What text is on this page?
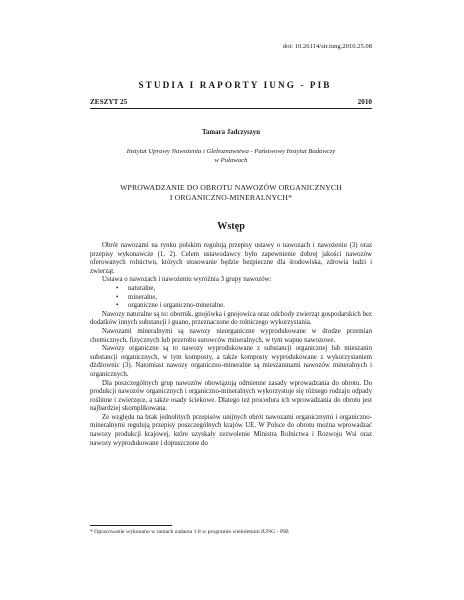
doi: 10.26114/sir.iung.2010.25.08
STUDIA I RAPORTY IUNG - PIB
ZESZYT 25	2010
Tamara Jadczyszyn
Instytut Uprawy Nawożenia i Gleboznawstwa - Państwowy Instytut Badawczy
w Puławach
WPROWADZANIE DO OBROTU NAWOZÓW ORGANICZNYCH
I ORGANICZNO-MINERALNYCH*
Wstęp

Obrót nawozami na rynku polskim regulują przepisy ustawy o nawozach i nawożeniu (3) oraz przepisy wykonawcze (1, 2). Celem ustawodawcy było zapewnienie dobrej jakości nawozów oferowanych rolnictwu, których stosowanie będzie bezpieczne dla środowiska, zdrowia ludzi i zwierząt.

Ustawa o nawozach i nawożeniu wyróżnia 3 grupy nawozów:

• naturalne,
• mineralne,
• organiczne i organiczno-mineralne.

Nawozy naturalne są to: obornik, gnojówka i gnojowica oraz odchody zwierząt gospodarskich bez dodatków innych substancji i guano, przeznaczone do rolniczego wykorzystania.

Nawozami mineralnymi są nawozy nieorganiczne wyprodukowane w drodze przemian chemicznych, fizycznych lub przerobu surowców mineralnych, w tym wapno nawozowe.

Nawozy organiczne są to nawozy wyprodukowane z substancji organicznej lub mieszanin substancji organicznych, w tym komposty, a także komposty wyprodukowane z wykorzystaniem dżdżownic (3). Natomiast nawozy organiczno-mineralne są mieszaninami nawozów mineralnych i organicznych.

Dla poszczególnych grup nawozów obowiązują odmienne zasady wprowadzania do obrotu. Do produkcji nawozów organicznych i organiczno-mineralnych wykorzystuje się różnego rodzaju odpady roślinne i zwierzęce, a także osady ściekowe. Dlatego też procedura ich wprowadzania do obrotu jest najbardziej skomplikowana.

Ze względu na brak jednolitych przepisów unijnych obrót nawozami organicznymi i organiczno-mineralnymi regulują przepisy poszczególnych krajów UE. W Polsce do obrotu można wprowadzać nawozy produkcji krajowej, które uzyskały zezwolenie Ministra Rolnictwa i Rozwoju Wsi oraz nawozy wyprodukowane i dopuszczone do

* Opracowanie wykonano w ramach zadania 1.8 w programie wieloletnim IUNG - PIB
